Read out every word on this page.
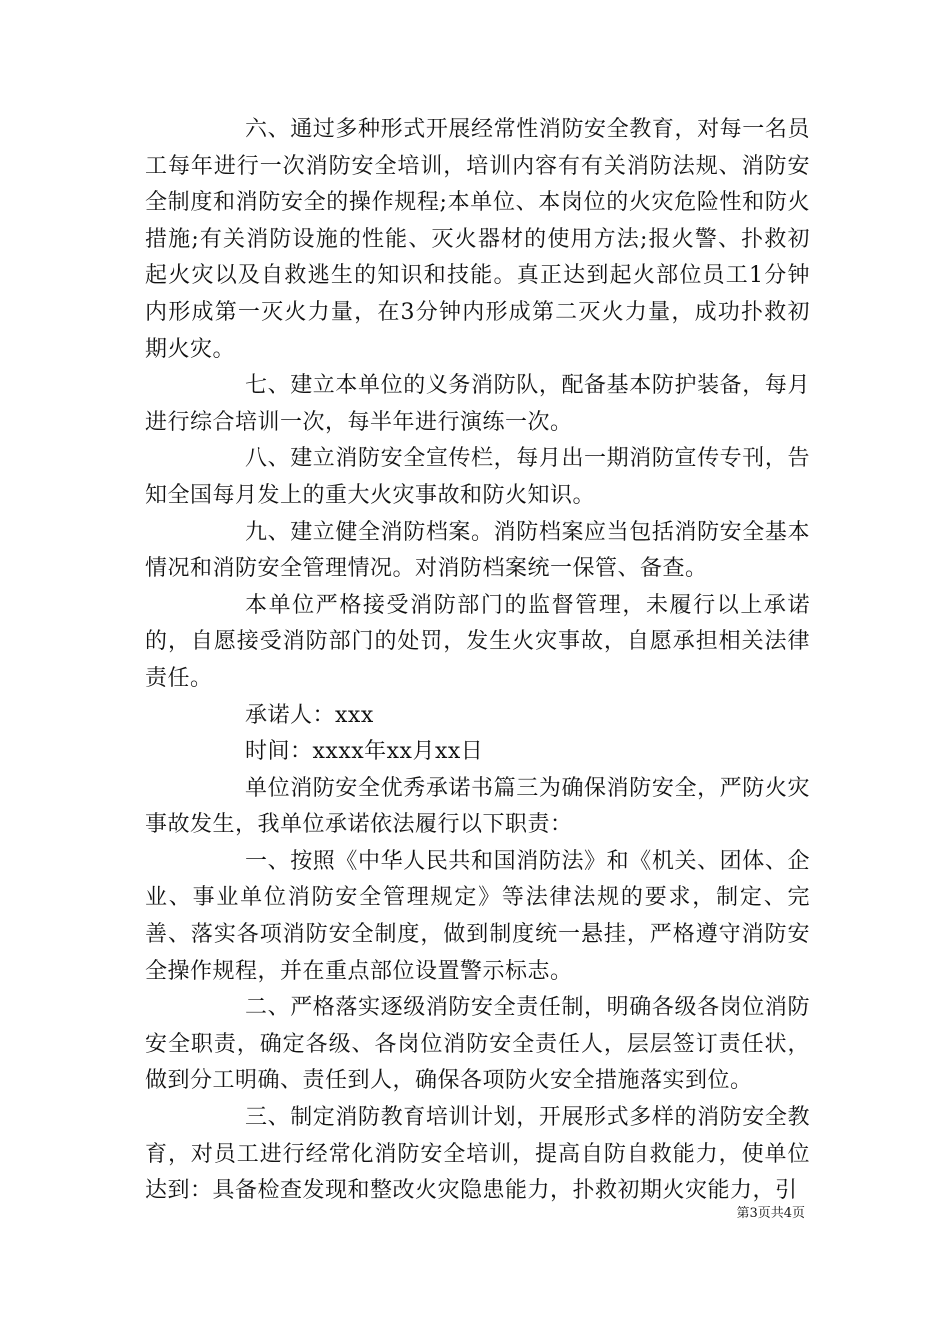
六、通过多种形式开展经常性消防安全教育，对每一名员工每年进行一次消防安全培训，培训内容有有关消防法规、消防安全制度和消防安全的操作规程;本单位、本岗位的火灾危险性和防火措施;有关消防设施的性能、灭火器材的使用方法;报火警、扑救初起火灾以及自救逃生的知识和技能。真正达到起火部位员工1分钟内形成第一灭火力量，在3分钟内形成第二灭火力量，成功扑救初期火灾。

七、建立本单位的义务消防队，配备基本防护装备，每月进行综合培训一次，每半年进行演练一次。

八、建立消防安全宣传栏，每月出一期消防宣传专刊，告知全国每月发上的重大火灾事故和防火知识。

九、建立健全消防档案。消防档案应当包括消防安全基本情况和消防安全管理情况。对消防档案统一保管、备查。

本单位严格接受消防部门的监督管理，未履行以上承诺的，自愿接受消防部门的处罚，发生火灾事故，自愿承担相关法律责任。

承诺人：xxx

时间：xxxx年xx月xx日

单位消防安全优秀承诺书篇三为确保消防安全，严防火灾事故发生，我单位承诺依法履行以下职责：

一、按照《中华人民共和国消防法》和《机关、团体、企业、事业单位消防安全管理规定》等法律法规的要求，制定、完善、落实各项消防安全制度，做到制度统一悬挂，严格遵守消防安全操作规程，并在重点部位设置警示标志。

二、严格落实逐级消防安全责任制，明确各级各岗位消防安全职责，确定各级、各岗位消防安全责任人，层层签订责任状，做到分工明确、责任到人，确保各项防火安全措施落实到位。

三、制定消防教育培训计划，开展形式多样的消防安全教育，对员工进行经常化消防安全培训，提高自防自救能力，使单位达到：具备检查发现和整改火灾隐患能力，扑救初期火灾能力，引

第3页共4页
